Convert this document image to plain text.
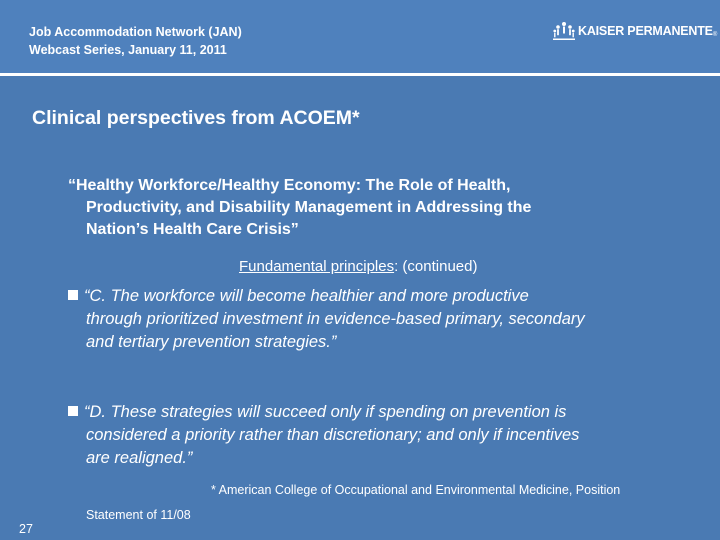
Job Accommodation Network (JAN)
Webcast Series, January 11, 2011
KAISER PERMANENTE®
Clinical perspectives from ACOEM*
“Healthy Workforce/Healthy Economy: The Role of Health,
Productivity, and Disability Management in Addressing the
Nation’s Health Care Crisis”
Fundamental principles: (continued)
“C. The workforce will become healthier and more productive
through prioritized investment in evidence-based primary, secondary
and tertiary prevention strategies.”
“D. These strategies will succeed only if spending on prevention is
considered a priority rather than discretionary; and only if incentives
are realigned.”
* American College of Occupational and Environmental Medicine, Position
Statement of 11/08
27
